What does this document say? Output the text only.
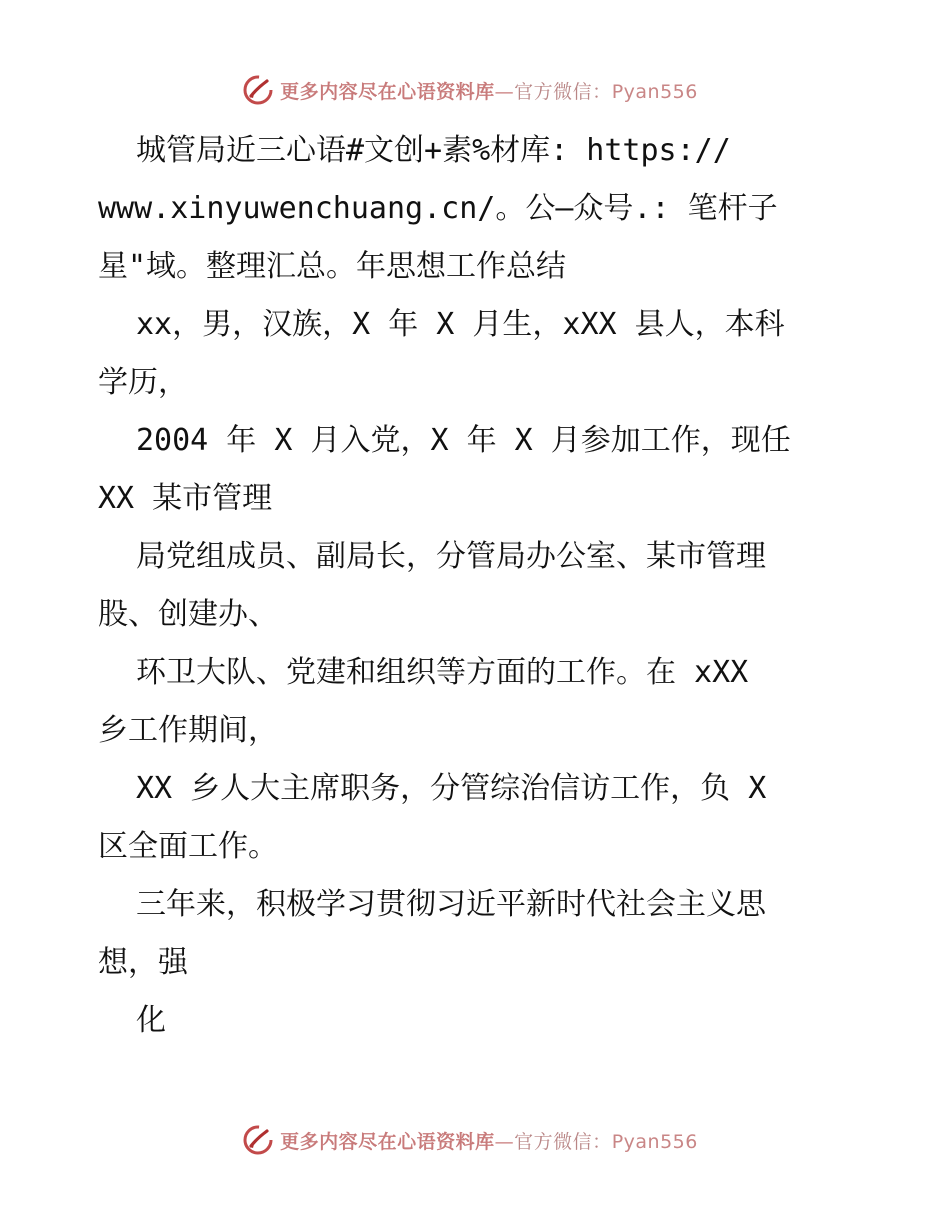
更多内容尽在心语资料库—官方微信：Pyan556
城管局近三心语#文创+素%材库: https://
www.xinyuwenchuang.cn/。公—众号.: 笔杆子
星"域。整理汇总。年思想工作总结
xx，男，汉族，X 年 X 月生，xXX 县人，本科
学历，
2004 年 X 月入党，X 年 X 月参加工作，现任
XX 某市管理
局党组成员、副局长，分管局办公室、某市管理
股、创建办、
环卫大队、党建和组织等方面的工作。在 xXX
乡工作期间，
XX 乡人大主席职务，分管综治信访工作，负 X
区全面工作。
三年来，积极学习贯彻习近平新时代社会主义思
想，强
化
更多内容尽在心语资料库—官方微信：Pyan556
